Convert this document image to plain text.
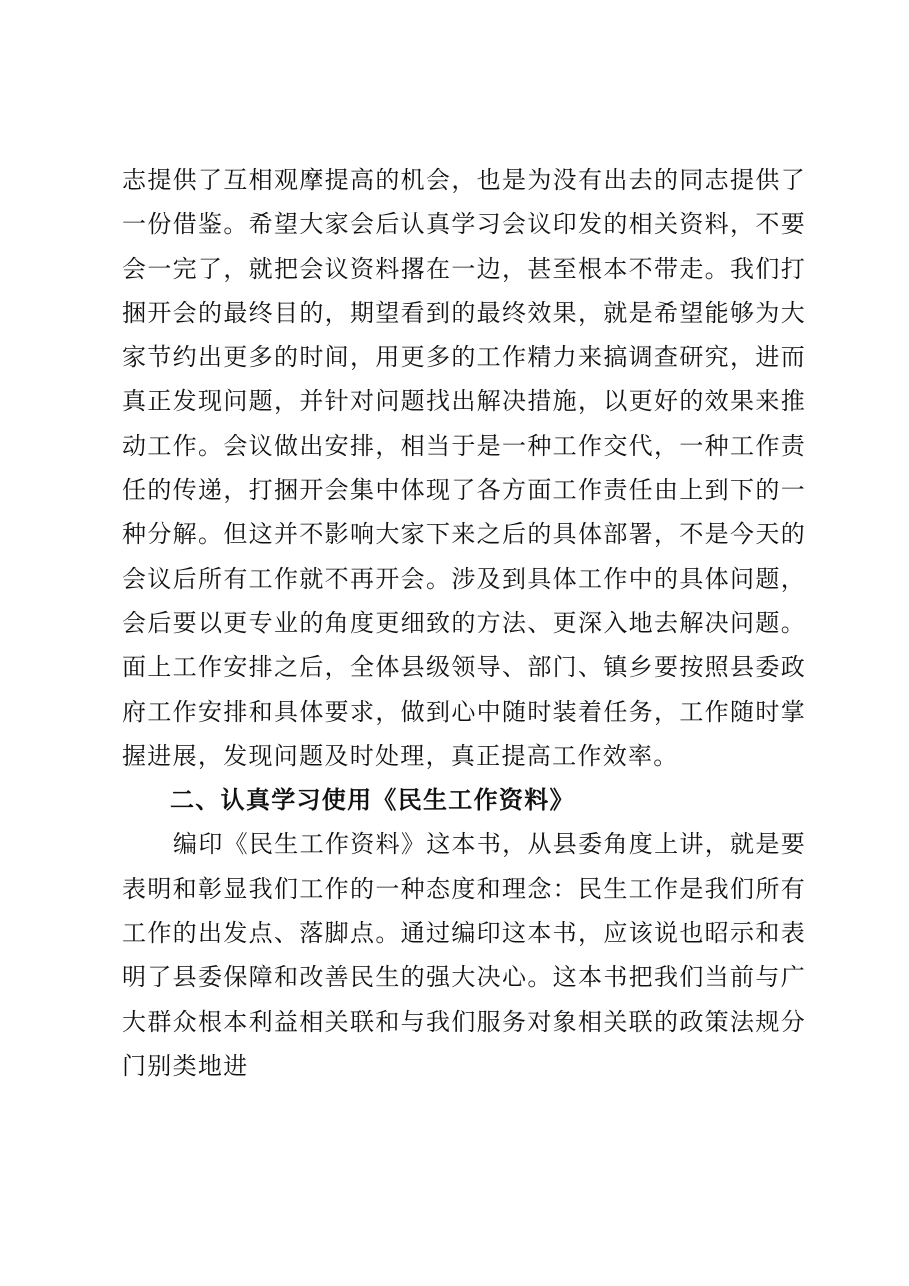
志提供了互相观摩提高的机会，也是为没有出去的同志提供了一份借鉴。希望大家会后认真学习会议印发的相关资料，不要会一完了，就把会议资料撂在一边，甚至根本不带走。我们打捆开会的最终目的，期望看到的最终效果，就是希望能够为大家节约出更多的时间，用更多的工作精力来搞调查研究，进而真正发现问题，并针对问题找出解决措施，以更好的效果来推动工作。会议做出安排，相当于是一种工作交代，一种工作责任的传递，打捆开会集中体现了各方面工作责任由上到下的一种分解。但这并不影响大家下来之后的具体部署，不是今天的会议后所有工作就不再开会。涉及到具体工作中的具体问题，会后要以更专业的角度更细致的方法、更深入地去解决问题。面上工作安排之后，全体县级领导、部门、镇乡要按照县委政府工作安排和具体要求，做到心中随时装着任务，工作随时掌握进展，发现问题及时处理，真正提高工作效率。

二、认真学习使用《民生工作资料》

编印《民生工作资料》这本书，从县委角度上讲，就是要表明和彰显我们工作的一种态度和理念：民生工作是我们所有工作的出发点、落脚点。通过编印这本书，应该说也昭示和表明了县委保障和改善民生的强大决心。这本书把我们当前与广大群众根本利益相关联和与我们服务对象相关联的政策法规分门别类地进
